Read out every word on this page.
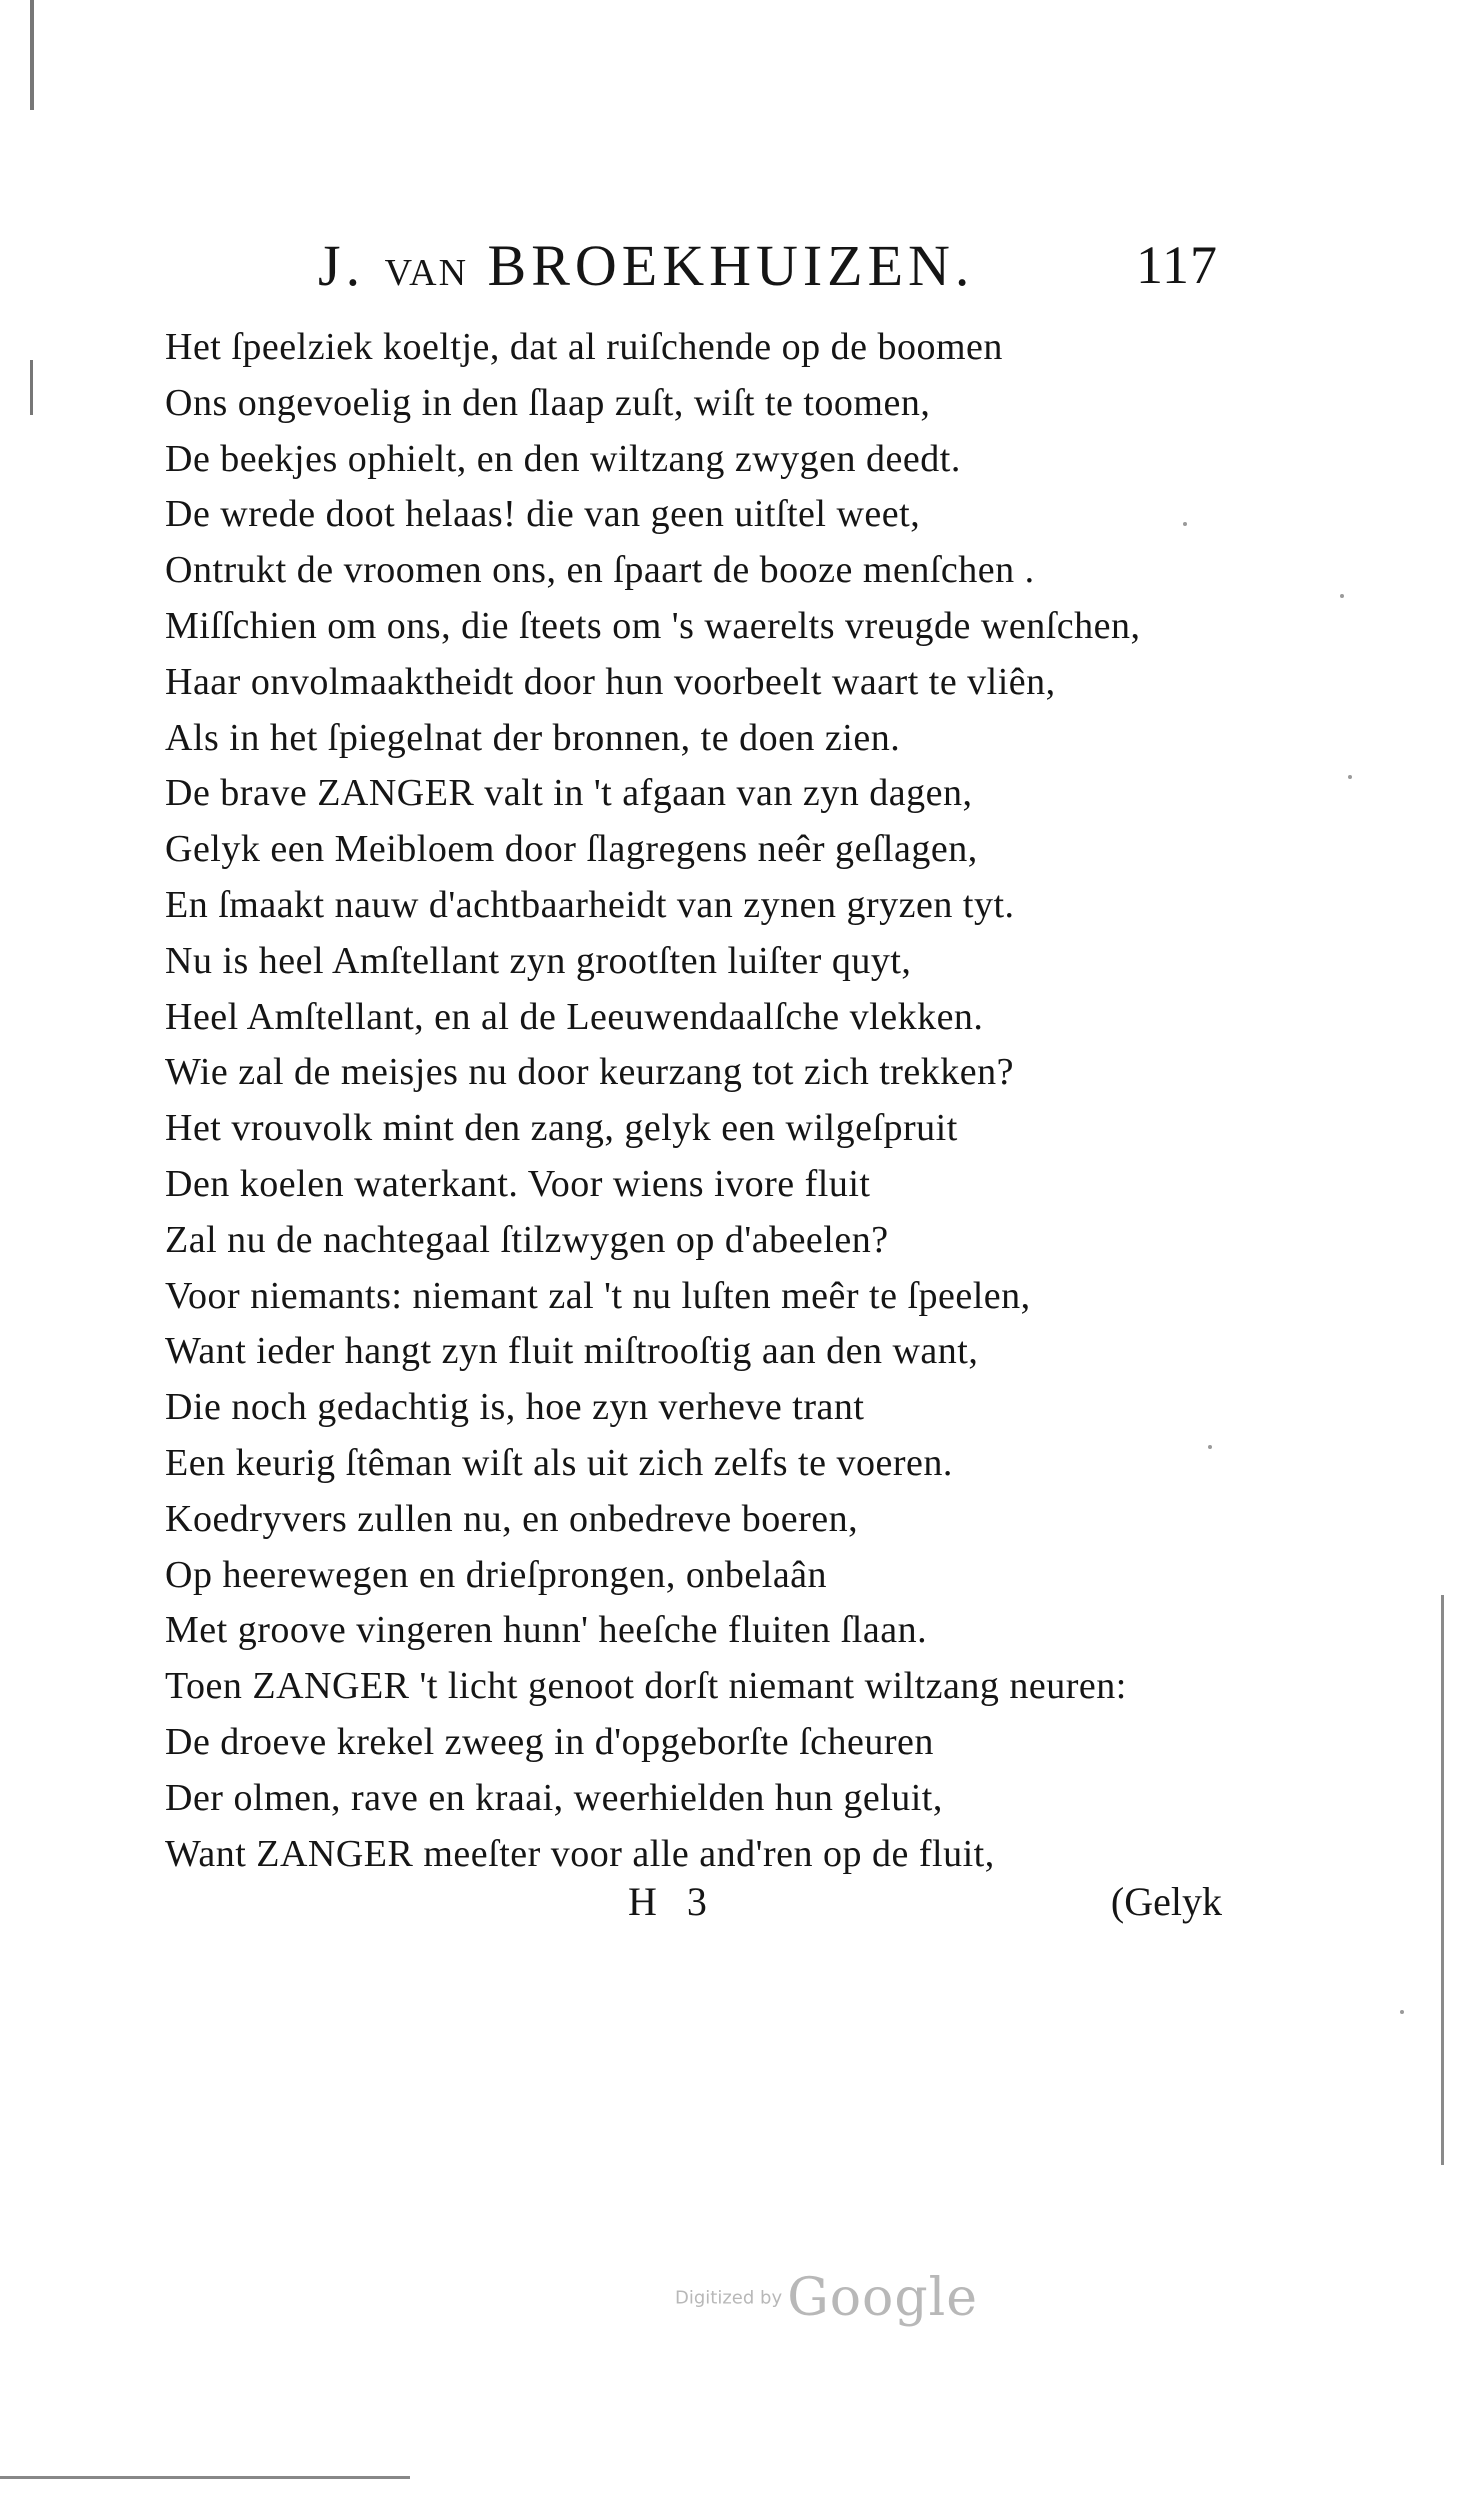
J. VAN BROEKHUIZEN.	117
Het ſpeelziek koeltje, dat al ruiſchende op de boomen
Ons ongevoelig in den ſlaap zuſt, wiſt te toomen,
De beekjes ophielt, en den wiltzang zwygen deedt.
De wrede doot helaas! die van geen uitſtel weet,
Ontrukt de vroomen ons, en ſpaart de booze menſchen .
Miſſchien om ons, die ſteets om 's waerelts vreugde wenſchen,
Haar onvolmaaktheidt door hun voorbeelt waart te vliên,
Als in het ſpiegelnat der bronnen, te doen zien.
De brave ZANGER valt in 't afgaan van zyn dagen,
Gelyk een Meibloem door ſlagregens neêr geſlagen,
En ſmaakt nauw d'achtbaarheidt van zynen gryzen tyt.
Nu is heel Amſtellant zyn grootſten luiſter quyt,
Heel Amſtellant, en al de Leeuwendaalſche vlekken.
Wie zal de meisjes nu door keurzang tot zich trekken?
Het vrouvolk mint den zang, gelyk een wilgeſpruit
Den koelen waterkant. Voor wiens ivore fluit
Zal nu de nachtegaal ſtilzwygen op d'abeelen?
Voor niemants: niemant zal 't nu luſten meêr te ſpeelen,
Want ieder hangt zyn fluit miſtrooſtig aan den want,
Die noch gedachtig is, hoe zyn verheve trant
Een keurig ſtêman wiſt als uit zich zelfs te voeren.
Koedryvers zullen nu, en onbedreve boeren,
Op heerewegen en drieſprongen, onbelaân
Met groove vingeren hunn' heeſche fluiten ſlaan.
Toen ZANGER 't licht genoot dorſt niemant wiltzang neuren:
De droeve krekel zweeg in d'opgeborſte ſcheuren
Der olmen, rave en kraai, weerhielden hun geluit,
Want ZANGER meeſter voor alle and'ren op de fluit,
H 3	(Gelyk
Digitized by Google
